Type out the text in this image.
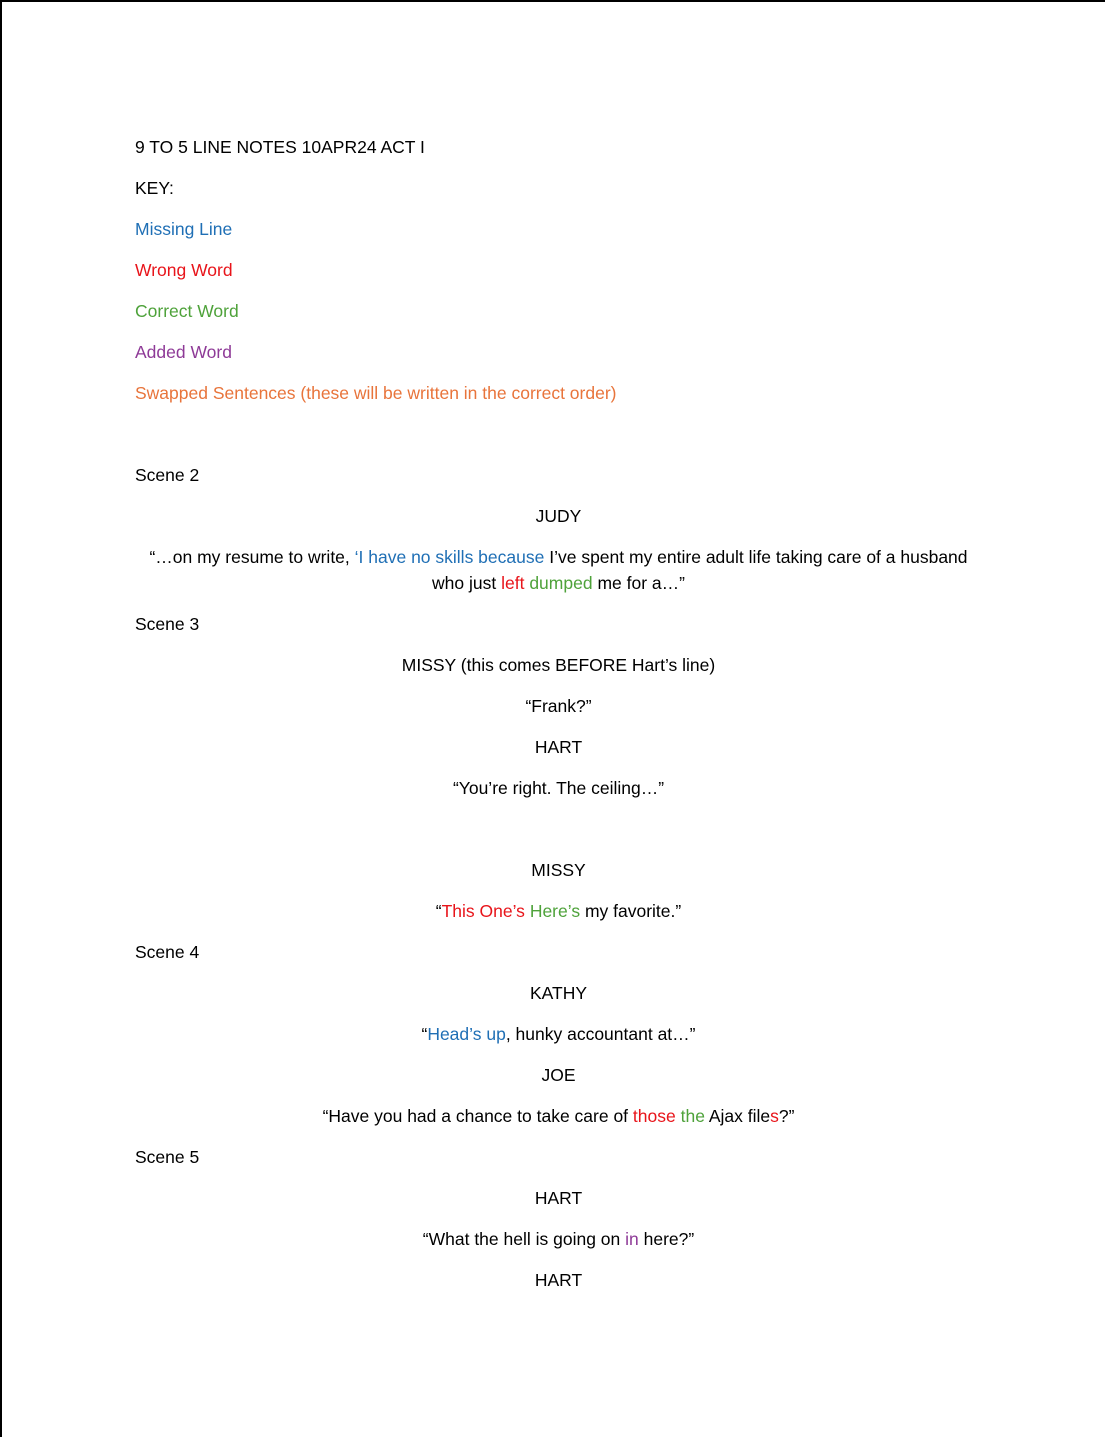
9 TO 5 LINE NOTES 10APR24 ACT I

KEY:

Missing Line

Wrong Word

Correct Word

Added Word

Swapped Sentences (these will be written in the correct order)

Scene 2

JUDY

“…on my resume to write, ‘I have no skills because I’ve spent my entire adult life taking care of a husband who just left dumped me for a…”

Scene 3

MISSY (this comes BEFORE Hart’s line)

“Frank?”

HART

“You’re right. The ceiling…”

MISSY

“This One’s Here’s my favorite.”

Scene 4

KATHY

“Head’s up, hunky accountant at…”

JOE

“Have you had a chance to take care of those the Ajax files?”

Scene 5

HART

“What the hell is going on in here?”

HART
